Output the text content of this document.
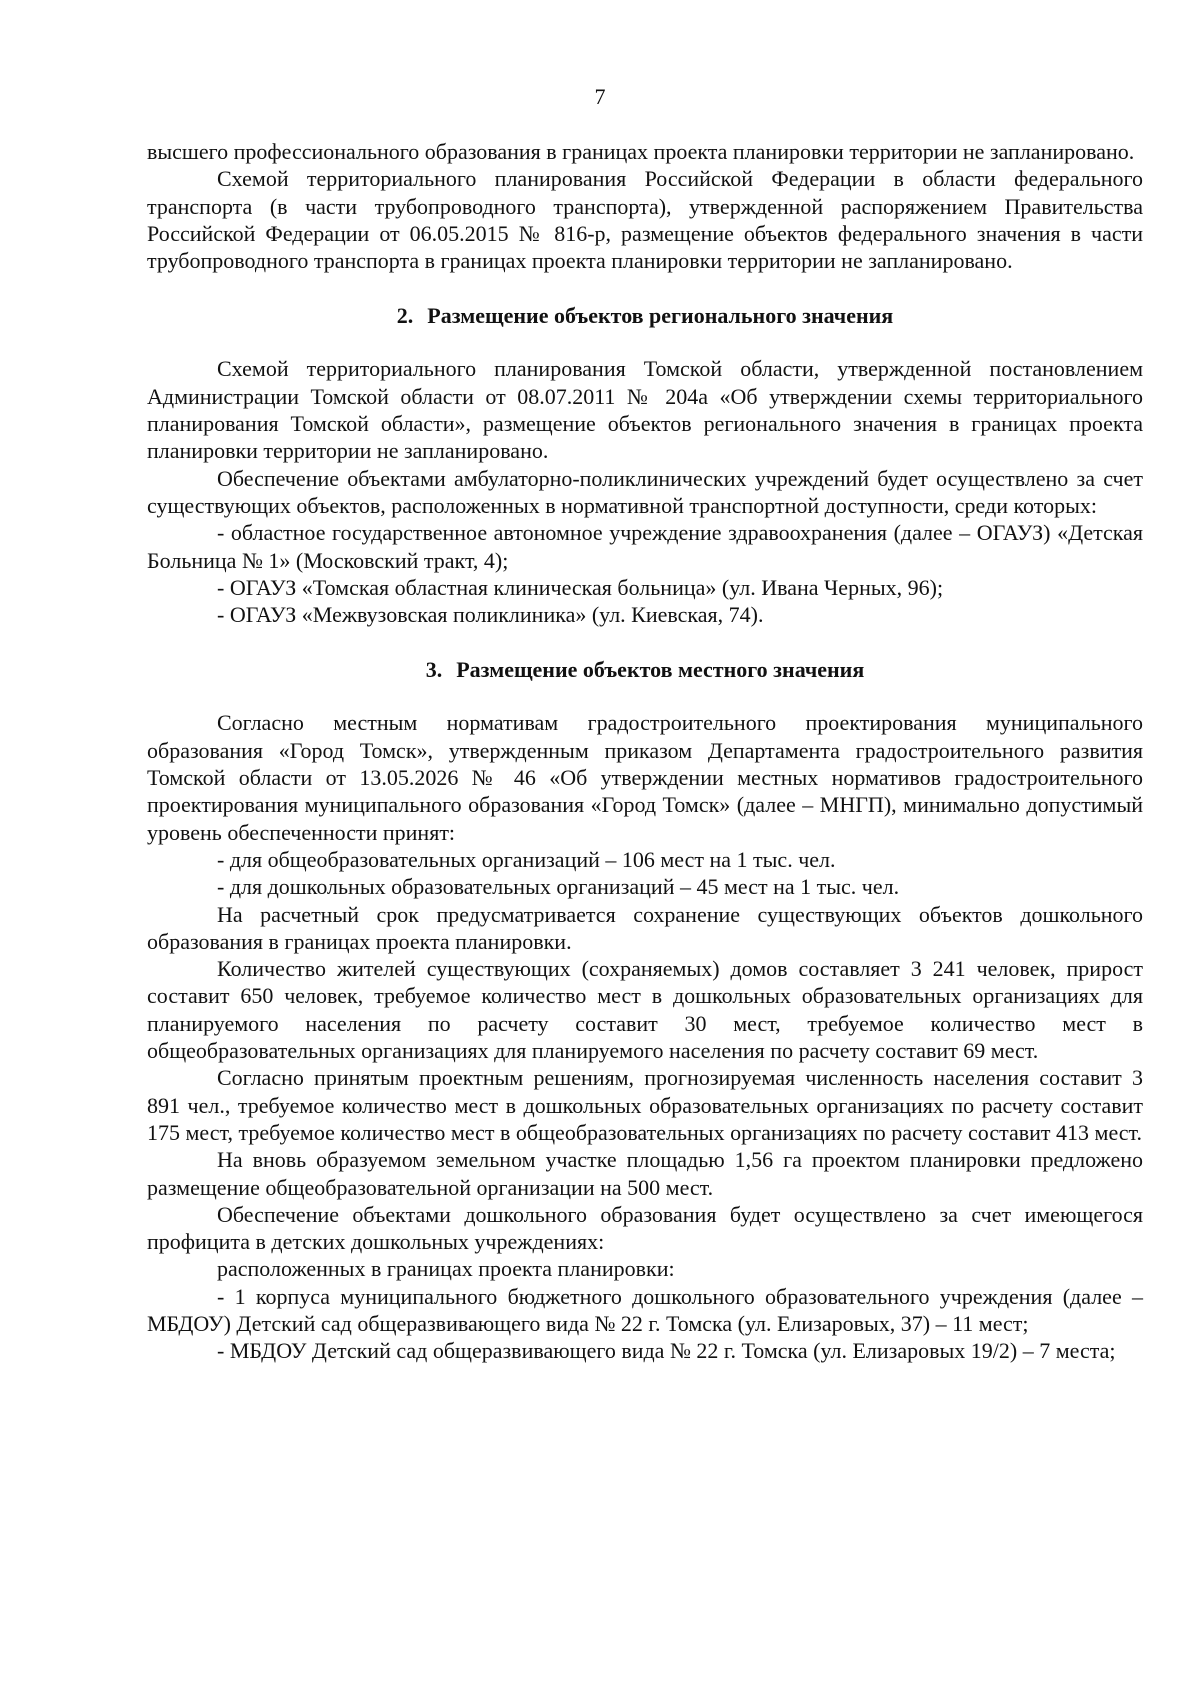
7

высшего профессионального образования в границах проекта планировки территории не запланировано.

Схемой территориального планирования Российской Федерации в области федерального транспорта (в части трубопроводного транспорта), утвержденной распоряжением Правительства Российской Федерации от 06.05.2015 № 816-р, размещение объектов федерального значения в части трубопроводного транспорта в границах проекта планировки территории не запланировано.

2. Размещение объектов регионального значения

Схемой территориального планирования Томской области, утвержденной постановлением Администрации Томской области от 08.07.2011 № 204а «Об утверждении схемы территориального планирования Томской области», размещение объектов регионального значения в границах проекта планировки территории не запланировано.

Обеспечение объектами амбулаторно-поликлинических учреждений будет осуществлено за счет существующих объектов, расположенных в нормативной транспортной доступности, среди которых:

- областное государственное автономное учреждение здравоохранения (далее – ОГАУЗ) «Детская Больница № 1» (Московский тракт, 4);

- ОГАУЗ «Томская областная клиническая больница» (ул. Ивана Черных, 96);

- ОГАУЗ «Межвузовская поликлиника» (ул. Киевская, 74).

3. Размещение объектов местного значения

Согласно местным нормативам градостроительного проектирования муниципального образования «Город Томск», утвержденным приказом Департамента градостроительного развития Томской области от 13.05.2026 № 46 «Об утверждении местных нормативов градостроительного проектирования муниципального образования «Город Томск» (далее – МНГП), минимально допустимый уровень обеспеченности принят:

- для общеобразовательных организаций – 106 мест на 1 тыс. чел.

- для дошкольных образовательных организаций – 45 мест на 1 тыс. чел.

На расчетный срок предусматривается сохранение существующих объектов дошкольного образования в границах проекта планировки.

Количество жителей существующих (сохраняемых) домов составляет 3 241 человек, прирост составит 650 человек, требуемое количество мест в дошкольных образовательных организациях для планируемого населения по расчету составит 30 мест, требуемое количество мест в общеобразовательных организациях для планируемого населения по расчету составит 69 мест.

Согласно принятым проектным решениям, прогнозируемая численность населения составит 3 891 чел., требуемое количество мест в дошкольных образовательных организациях по расчету составит 175 мест, требуемое количество мест в общеобразовательных организациях по расчету составит 413 мест.

На вновь образуемом земельном участке площадью 1,56 га проектом планировки предложено размещение общеобразовательной организации на 500 мест.

Обеспечение объектами дошкольного образования будет осуществлено за счет имеющегося профицита в детских дошкольных учреждениях:

расположенных в границах проекта планировки:

- 1 корпуса муниципального бюджетного дошкольного образовательного учреждения (далее – МБДОУ) Детский сад общеразвивающего вида № 22 г. Томска (ул. Елизаровых, 37) – 11 мест;

- МБДОУ Детский сад общеразвивающего вида № 22 г. Томска (ул. Елизаровых 19/2) – 7 места;
